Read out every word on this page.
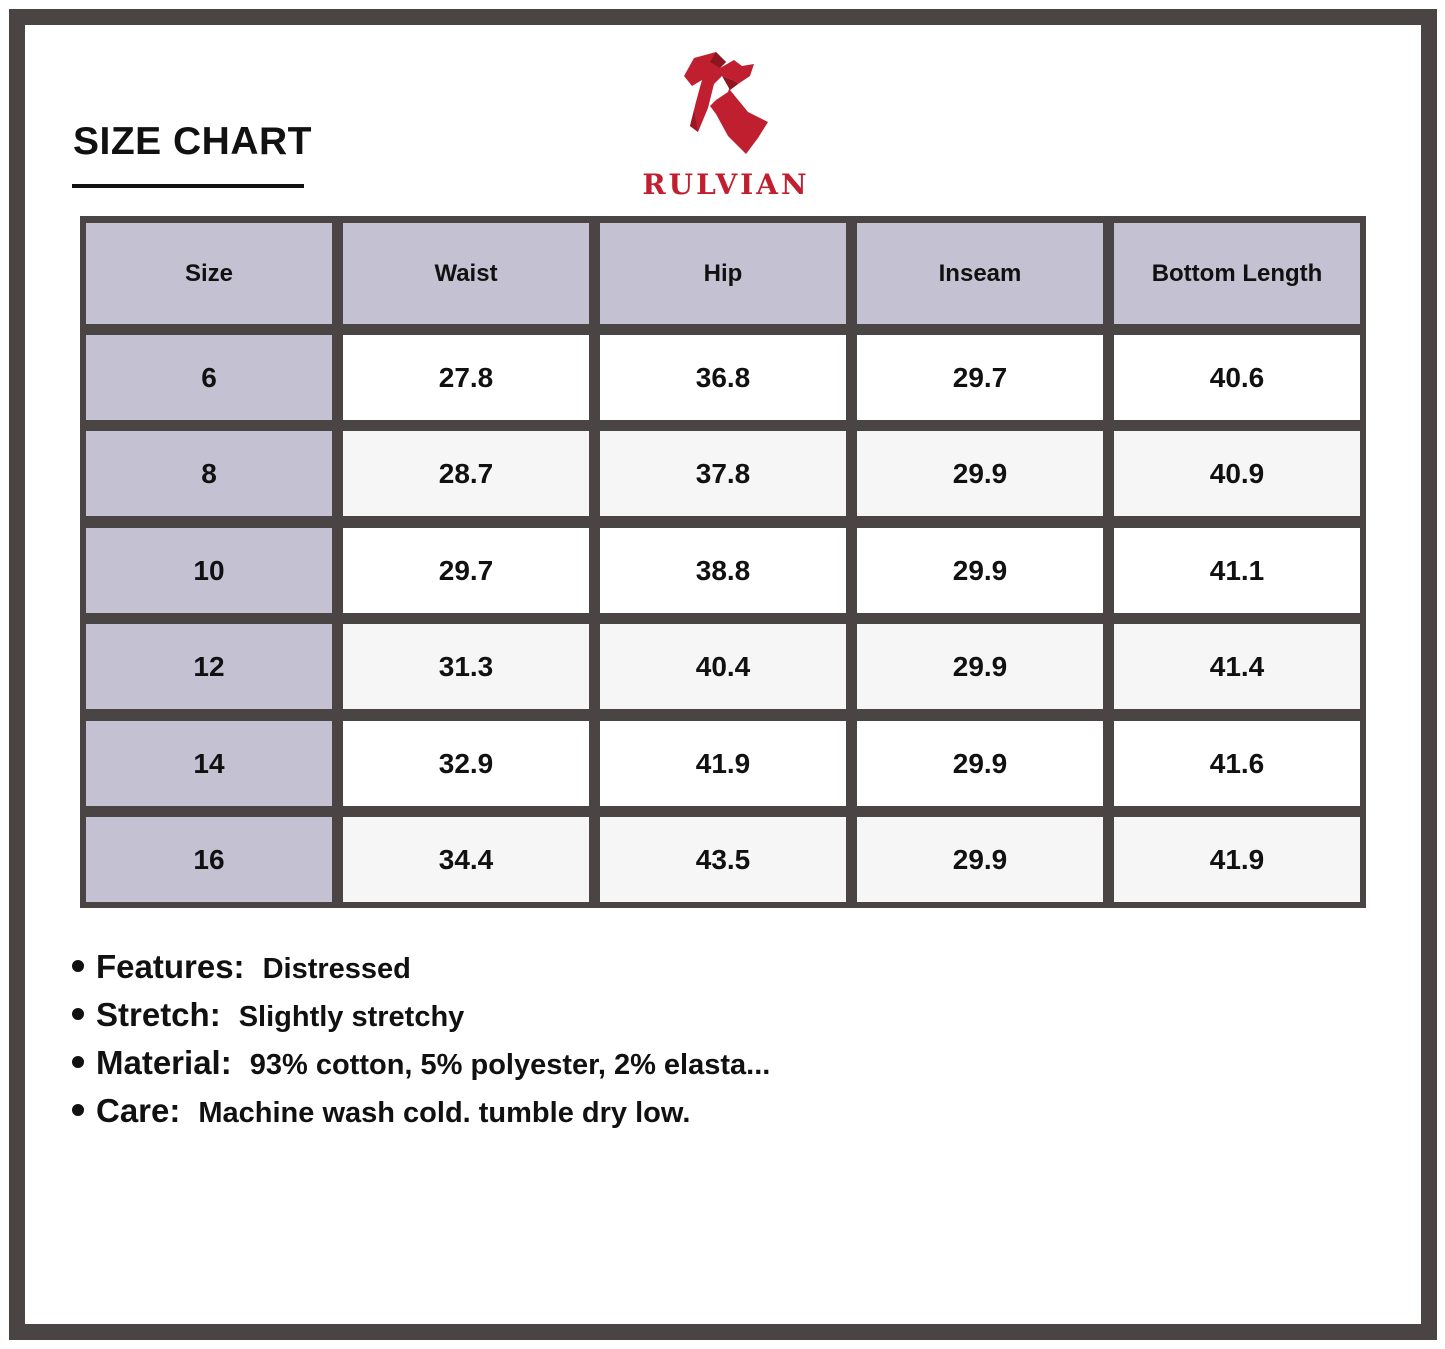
SIZE CHART
RULVIAN
Size	Waist	Hip	Inseam	Bottom Length
6	27.8	36.8	29.7	40.6
8	28.7	37.8	29.9	40.9
10	29.7	38.8	29.9	41.1
12	31.3	40.4	29.9	41.4
14	32.9	41.9	29.9	41.6
16	34.4	43.5	29.9	41.9
Features: Distressed
Stretch: Slightly stretchy
Material: 93% cotton, 5% polyester, 2% elasta...
Care: Machine wash cold. tumble dry low.
